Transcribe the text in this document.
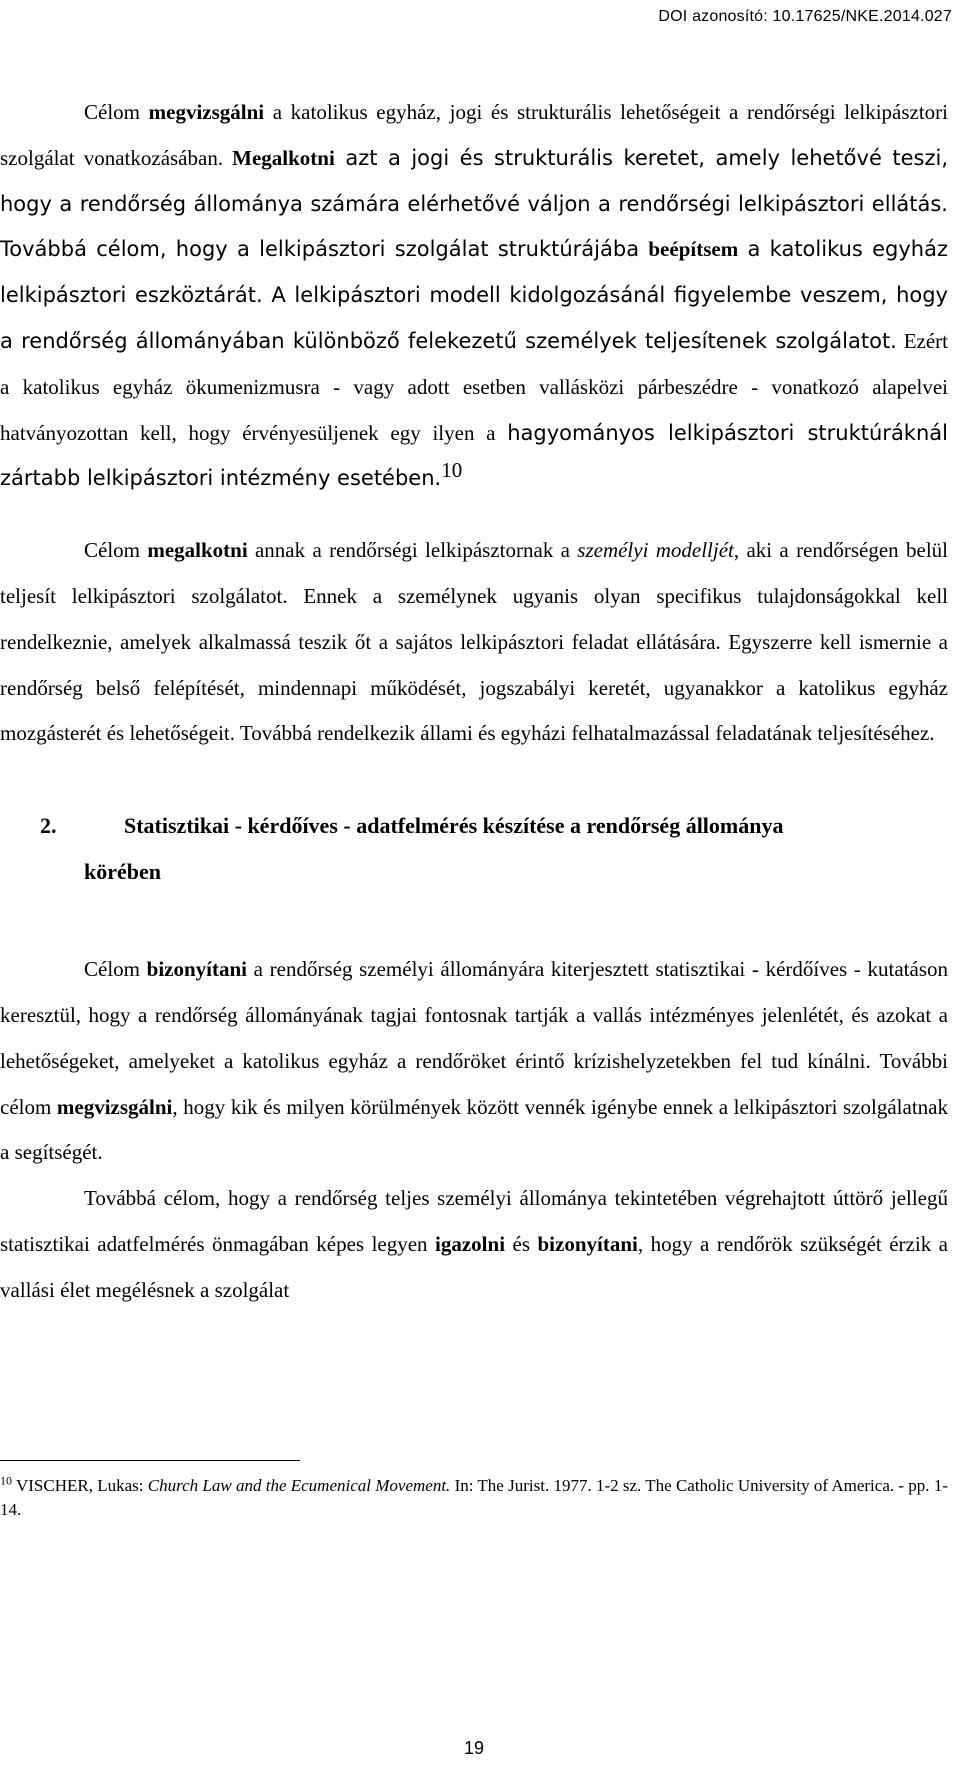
DOI azonosító: 10.17625/NKE.2014.027

Célom megvizsgálni a katolikus egyház, jogi és strukturális lehetőségeit a rendőrségi lelkipásztori szolgálat vonatkozásában. Megalkotni azt a jogi és strukturális keretet, amely lehetővé teszi, hogy a rendőrség állománya számára elérhetővé váljon a rendőrségi lelkipásztori ellátás. Továbbá célom, hogy a lelkipásztori szolgálat struktúrájába beépítsem a katolikus egyház lelkipásztori eszköztárát. A lelkipásztori modell kidolgozásánál figyelembe veszem, hogy a rendőrség állományában különböző felekezetű személyek teljesítenek szolgálatot. Ezért a katolikus egyház ökumenizmusra - vagy adott esetben vallásközi párbeszédre - vonatkozó alapelvei hatványozottan kell, hogy érvényesüljenek egy ilyen a hagyományos lelkipásztori struktúráknál zártabb lelkipásztori intézmény esetében.$^{10}$

Célom megalkotni annak a rendőrségi lelkipásztornak a személyi modelljét, aki a rendőrségen belül teljesít lelkipásztori szolgálatot. Ennek a személynek ugyanis olyan specifikus tulajdonságokkal kell rendelkeznie, amelyek alkalmassá teszik őt a sajátos lelkipásztori feladat ellátására. Egyszerre kell ismernie a rendőrség belső felépítését, mindennapi működését, jogszabályi keretét, ugyanakkor a katolikus egyház mozgásterét és lehetőségeit. Továbbá rendelkezik állami és egyházi felhatalmazással feladatának teljesítéséhez.

2.	Statisztikai - kérdőíves - adatfelmérés készítése a rendőrség állománya
körében

Célom bizonyítani a rendőrség személyi állományára kiterjesztett statisztikai - kérdőíves - kutatáson keresztül, hogy a rendőrség állományának tagjai fontosnak tartják a vallás intézményes jelenlétét, és azokat a lehetőségeket, amelyeket a katolikus egyház a rendőröket érintő krízishelyzetekben fel tud kínálni. További célom megvizsgálni, hogy kik és milyen körülmények között vennék igénybe ennek a lelkipásztori szolgálatnak a segítségét.

Továbbá célom, hogy a rendőrség teljes személyi állománya tekintetében végrehajtott úttörő jellegű statisztikai adatfelmérés önmagában képes legyen igazolni és bizonyítani, hogy a rendőrök szükségét érzik a vallási élet megélésnek a szolgálat

$^{10}$ VISCHER, Lukas: Church Law and the Ecumenical Movement. In: The Jurist. 1977. 1-2 sz. The Catholic University of America. - pp. 1-14.
19
